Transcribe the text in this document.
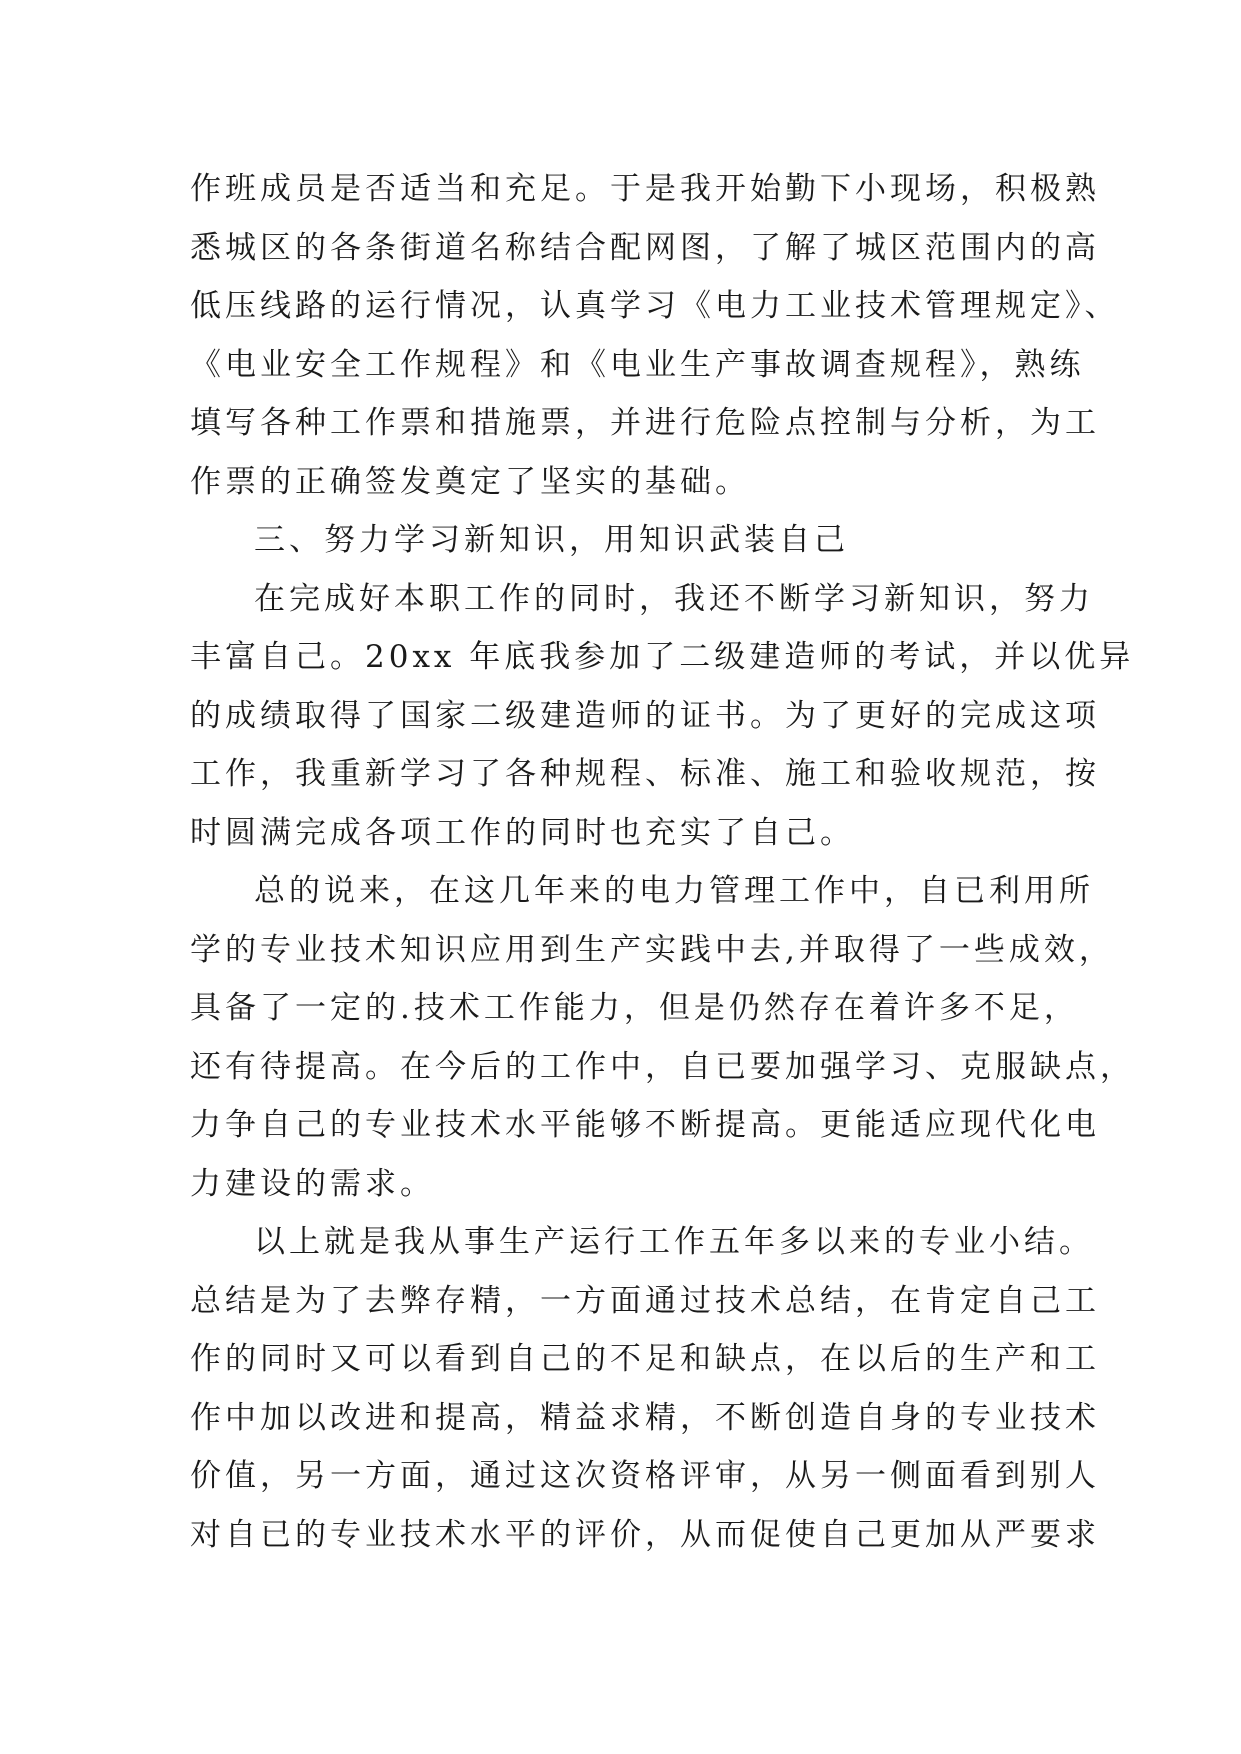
作班成员是否适当和充足。于是我开始勤下小现场，积极熟
悉城区的各条街道名称结合配网图，了解了城区范围内的高
低压线路的运行情况，认真学习《电力工业技术管理规定》、
《电业安全工作规程》和《电业生产事故调查规程》，熟练
填写各种工作票和措施票，并进行危险点控制与分析，为工
作票的正确签发奠定了坚实的基础。
三、努力学习新知识，用知识武装自己
在完成好本职工作的同时，我还不断学习新知识，努力
丰富自己。20xx 年底我参加了二级建造师的考试，并以优异
的成绩取得了国家二级建造师的证书。为了更好的完成这项
工作，我重新学习了各种规程、标准、施工和验收规范，按
时圆满完成各项工作的同时也充实了自己。
总的说来，在这几年来的电力管理工作中，自已利用所
学的专业技术知识应用到生产实践中去,并取得了一些成效，
具备了一定的.技术工作能力，但是仍然存在着许多不足，
还有待提高。在今后的工作中，自已要加强学习、克服缺点，
力争自己的专业技术水平能够不断提高。更能适应现代化电
力建设的需求。
以上就是我从事生产运行工作五年多以来的专业小结。
总结是为了去弊存精，一方面通过技术总结，在肯定自己工
作的同时又可以看到自己的不足和缺点，在以后的生产和工
作中加以改进和提高，精益求精，不断创造自身的专业技术
价值，另一方面，通过这次资格评审，从另一侧面看到别人
对自已的专业技术水平的评价，从而促使自己更加从严要求
